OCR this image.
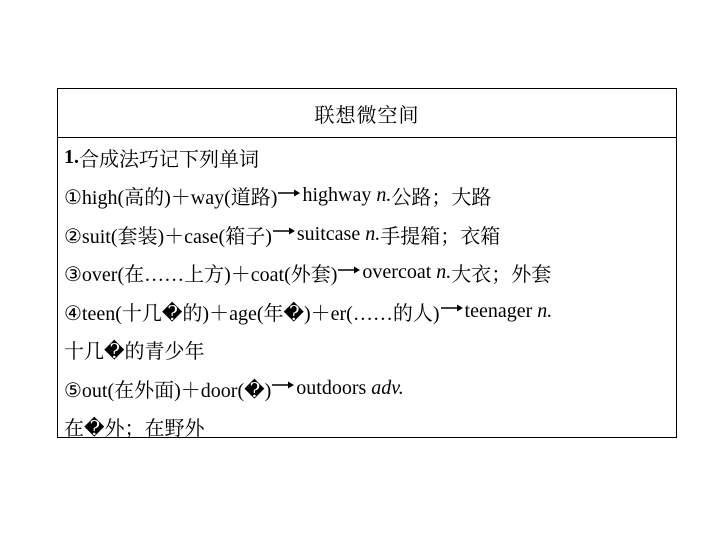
联想微空间
1. 合成法巧记下列单词
①high(高的)＋way(道路) highway
n. 公路；大路
②suit(套装)＋case(箱子) suitcase
n. 手提箱；衣箱
③over(在……上方)＋coat(外套) overcoat
n. 大衣；外套
④teen(十几�的)＋age(年�)＋er(……的人) teenager
n.
十几�的青少年
⑤out(在外面)＋door(�) outdoors
adv.
在�外；在野外
